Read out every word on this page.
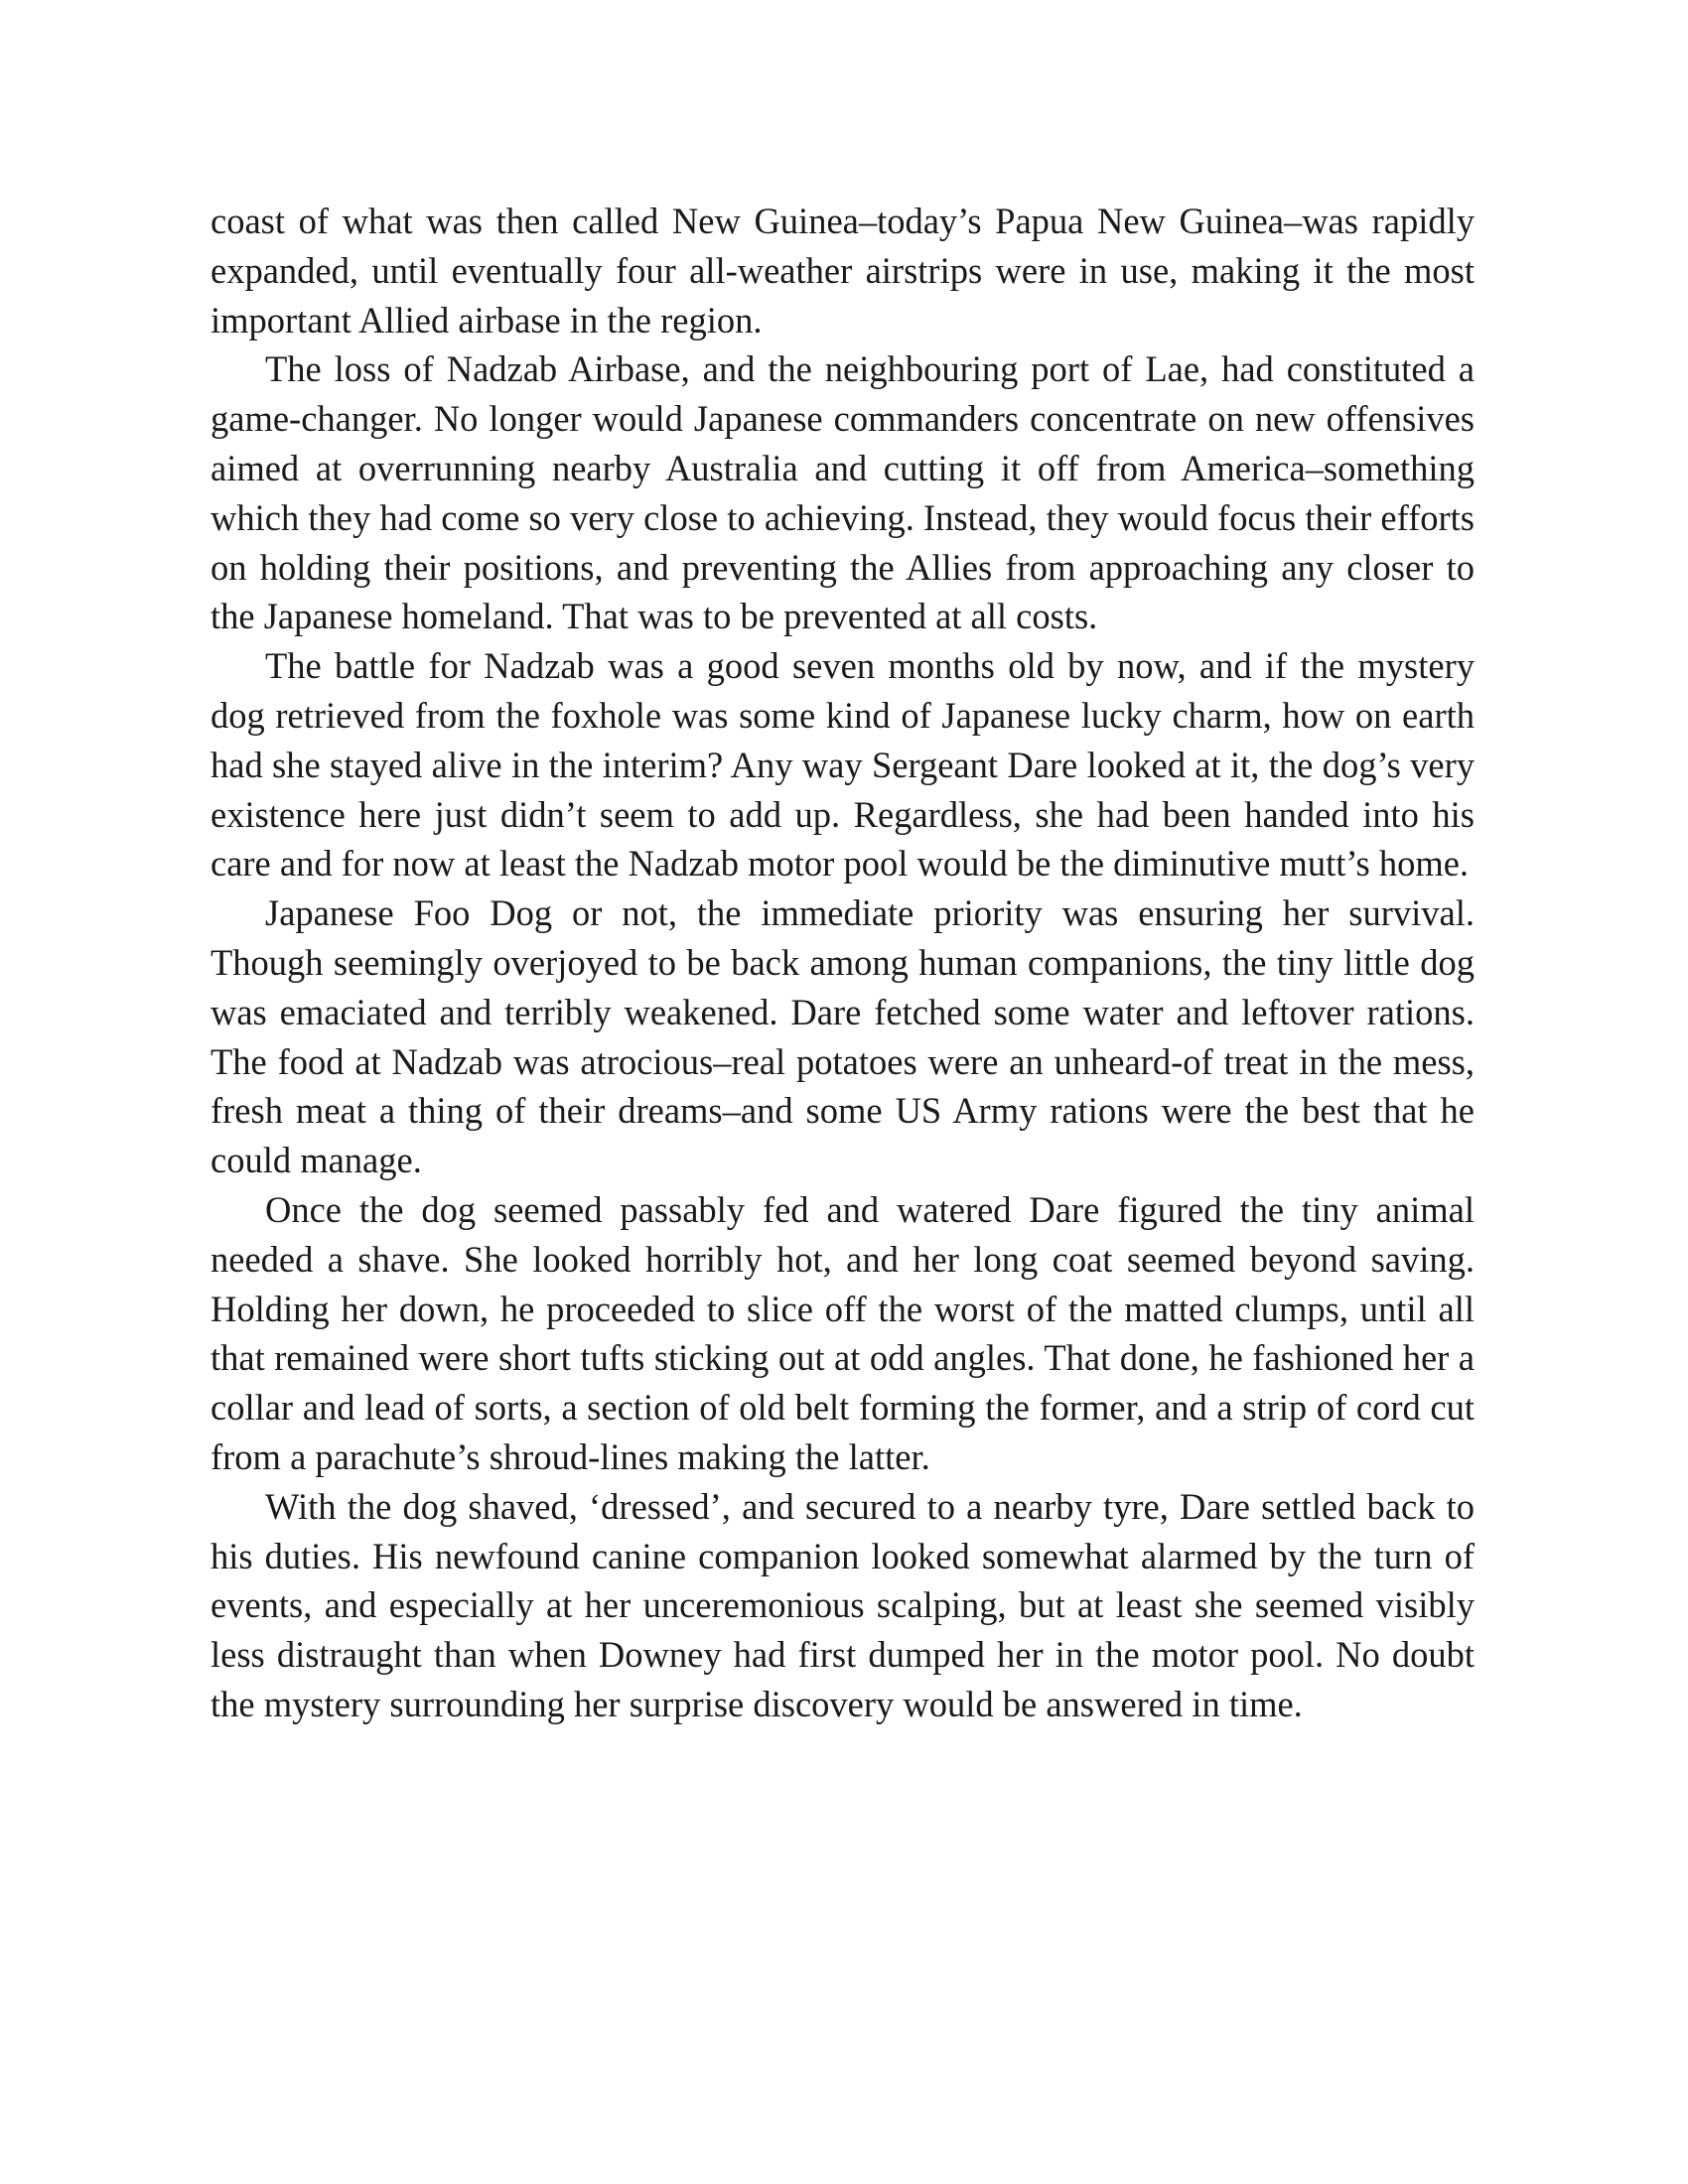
coast of what was then called New Guinea–today’s Papua New Guinea–was rapidly expanded, until eventually four all-weather airstrips were in use, making it the most important Allied airbase in the region.

The loss of Nadzab Airbase, and the neighbouring port of Lae, had constituted a game-changer. No longer would Japanese commanders concentrate on new offensives aimed at overrunning nearby Australia and cutting it off from America–something which they had come so very close to achieving. Instead, they would focus their efforts on holding their positions, and preventing the Allies from approaching any closer to the Japanese homeland. That was to be prevented at all costs.

The battle for Nadzab was a good seven months old by now, and if the mystery dog retrieved from the foxhole was some kind of Japanese lucky charm, how on earth had she stayed alive in the interim? Any way Sergeant Dare looked at it, the dog’s very existence here just didn’t seem to add up. Regardless, she had been handed into his care and for now at least the Nadzab motor pool would be the diminutive mutt’s home.

Japanese Foo Dog or not, the immediate priority was ensuring her survival. Though seemingly overjoyed to be back among human companions, the tiny little dog was emaciated and terribly weakened. Dare fetched some water and leftover rations. The food at Nadzab was atrocious–real potatoes were an unheard-of treat in the mess, fresh meat a thing of their dreams–and some US Army rations were the best that he could manage.

Once the dog seemed passably fed and watered Dare figured the tiny animal needed a shave. She looked horribly hot, and her long coat seemed beyond saving. Holding her down, he proceeded to slice off the worst of the matted clumps, until all that remained were short tufts sticking out at odd angles. That done, he fashioned her a collar and lead of sorts, a section of old belt forming the former, and a strip of cord cut from a parachute’s shroud-lines making the latter.

With the dog shaved, ‘dressed’, and secured to a nearby tyre, Dare settled back to his duties. His newfound canine companion looked somewhat alarmed by the turn of events, and especially at her unceremonious scalping, but at least she seemed visibly less distraught than when Downey had first dumped her in the motor pool. No doubt the mystery surrounding her surprise discovery would be answered in time.
